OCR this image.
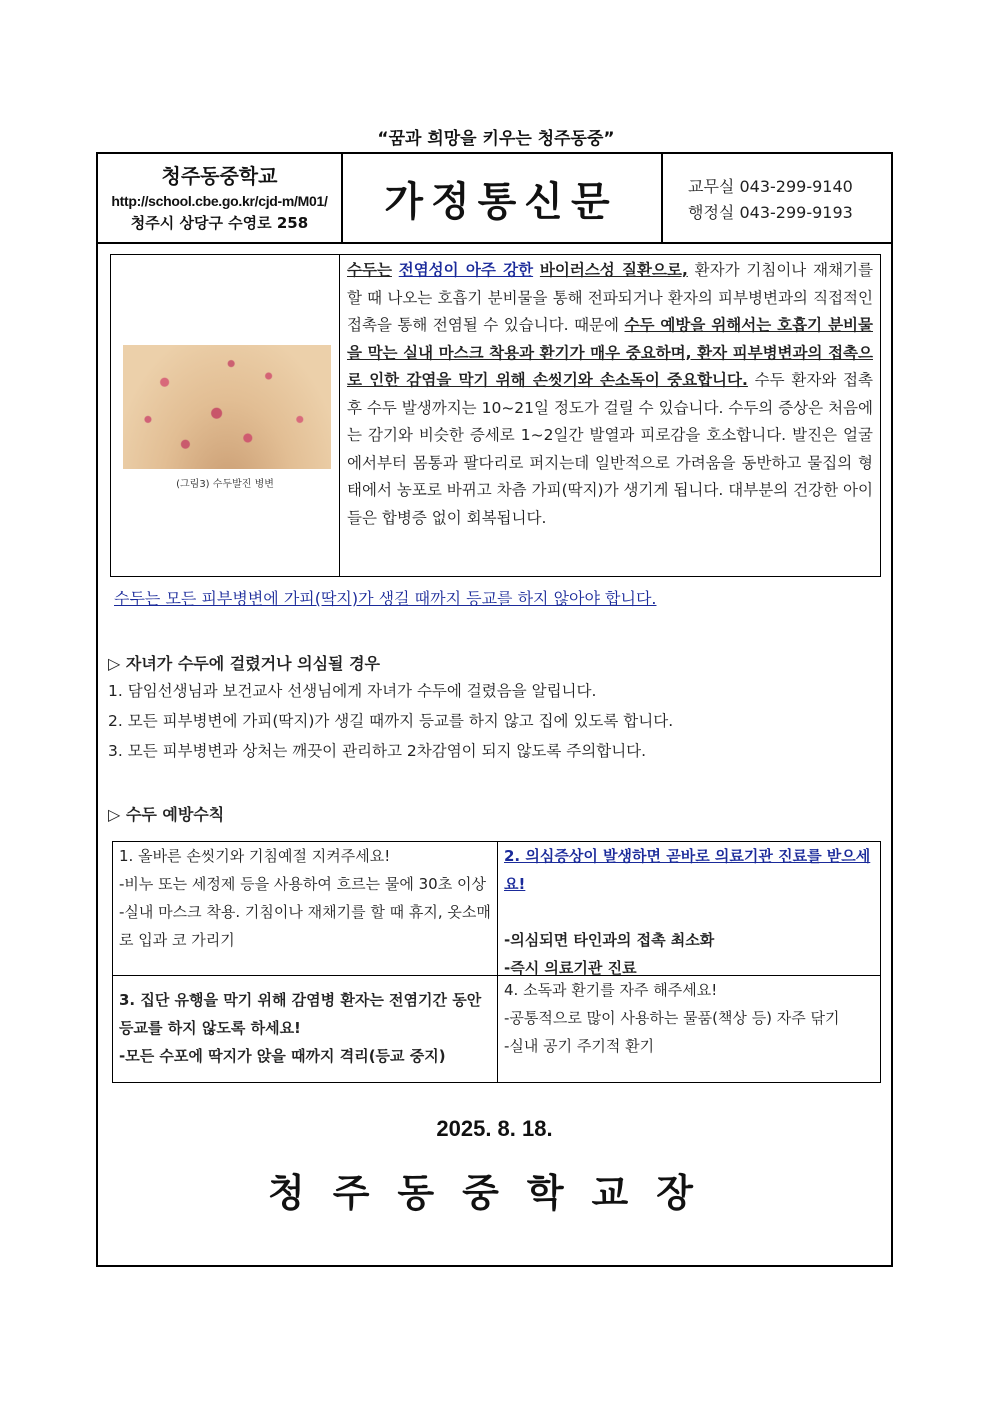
“꿈과 희망을 키우는 청주동중”
청주동중학교
http://school.cbe.go.kr/cjd-m/M01/
청주시 상당구 수영로 258	가정통신문	교무실 043-299-9140
행정실 043-299-9193
(그림3) 수두발진 병변
수두는 전염성이 아주 강한 바이러스성 질환으로, 환자가 기침이나 재채기를 할 때 나오는 호흡기 분비물을 통해 전파되거나 환자의 피부병변과의 직접적인 접촉을 통해 전염될 수 있습니다. 때문에 수두 예방을 위해서는 호흡기 분비물을 막는 실내 마스크 착용과 환기가 매우 중요하며, 환자 피부병변과의 접촉으로 인한 감염을 막기 위해 손씻기와 손소독이 중요합니다. 수두 환자와 접촉 후 수두 발생까지는 10~21일 정도가 걸릴 수 있습니다. 수두의 증상은 처음에는 감기와 비슷한 증세로 1~2일간 발열과 피로감을 호소합니다. 발진은 얼굴에서부터 몸통과 팔다리로 퍼지는데 일반적으로 가려움을 동반하고 물집의 형태에서 농포로 바뀌고 차츰 가피(딱지)가 생기게 됩니다. 대부분의 건강한 아이들은 합병증 없이 회복됩니다.
수두는 모든 피부병변에 가피(딱지)가 생길 때까지 등교를 하지 않아야 합니다.
▷ 자녀가 수두에 걸렸거나 의심될 경우
1. 담임선생님과 보건교사 선생님에게 자녀가 수두에 걸렸음을 알립니다.
2. 모든 피부병변에 가피(딱지)가 생길 때까지 등교를 하지 않고 집에 있도록 합니다.
3. 모든 피부병변과 상처는 깨끗이 관리하고 2차감염이 되지 않도록 주의합니다.
▷ 수두 예방수칙
1. 올바른 손씻기와 기침예절 지켜주세요!
-비누 또는 세정제 등을 사용하여 흐르는 물에 30초 이상
-실내 마스크 착용. 기침이나 재채기를 할 때 휴지, 옷소매로 입과 코 가리기
2. 의심증상이 발생하면 곧바로 의료기관 진료를 받으세요!
-의심되면 타인과의 접촉 최소화
-즉시 의료기관 진료
3. 집단 유행을 막기 위해 감염병 환자는 전염기간 동안 등교를 하지 않도록 하세요!
-모든 수포에 딱지가 앉을 때까지 격리(등교 중지)
4. 소독과 환기를 자주 해주세요!
-공통적으로 많이 사용하는 물품(책상 등) 자주 닦기
-실내 공기 주기적 환기
2025. 8. 18.
청주동중학교장
